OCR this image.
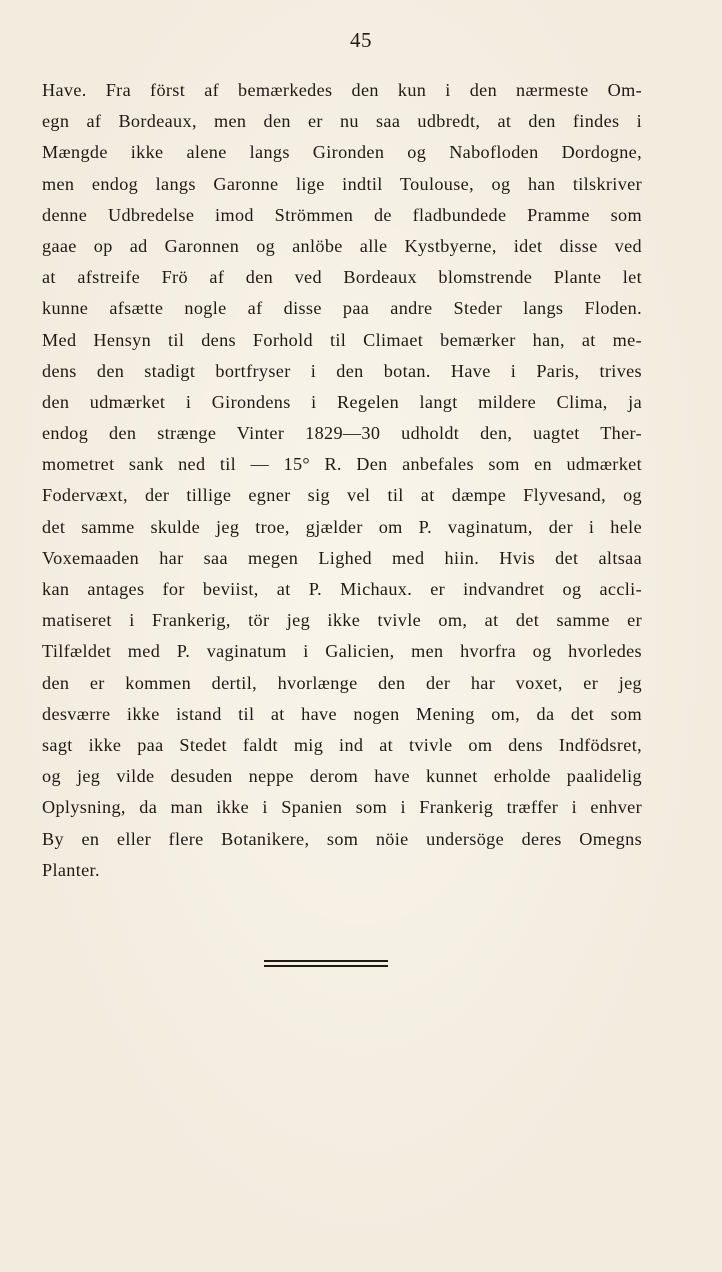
45
Have. Fra först af bemærkedes den kun i den nærmeste Om-
egn af Bordeaux, men den er nu saa udbredt, at den findes i
Mængde ikke alene langs Gironden og Nabofloden Dordogne,
men endog langs Garonne lige indtil Toulouse, og han tilskriver
denne Udbredelse imod Strömmen de fladbundede Pramme som
gaae op ad Garonnen og anlöbe alle Kystbyerne, idet disse ved
at afstreife Frö af den ved Bordeaux blomstrende Plante let
kunne afsætte nogle af disse paa andre Steder langs Floden.
Med Hensyn til dens Forhold til Climaet bemærker han, at me-
dens den stadigt bortfryser i den botan. Have i Paris, trives
den udmærket i Girondens i Regelen langt mildere Clima, ja
endog den strænge Vinter 1829—30 udholdt den, uagtet Ther-
mometret sank ned til — 15° R. Den anbefales som en udmærket
Fodervæxt, der tillige egner sig vel til at dæmpe Flyvesand, og
det samme skulde jeg troe, gjælder om P. vaginatum, der i hele
Voxemaaden har saa megen Lighed med hiin. Hvis det altsaa
kan antages for beviist, at P. Michaux. er indvandret og accli-
matiseret i Frankerig, tör jeg ikke tvivle om, at det samme er
Tilfældet med P. vaginatum i Galicien, men hvorfra og hvorledes
den er kommen dertil, hvorlænge den der har voxet, er jeg
desværre ikke istand til at have nogen Mening om, da det som
sagt ikke paa Stedet faldt mig ind at tvivle om dens Indfödsret,
og jeg vilde desuden neppe derom have kunnet erholde paalidelig
Oplysning, da man ikke i Spanien som i Frankerig træffer i enhver
By en eller flere Botanikere, som nöie undersöge deres Omegns
Planter.
